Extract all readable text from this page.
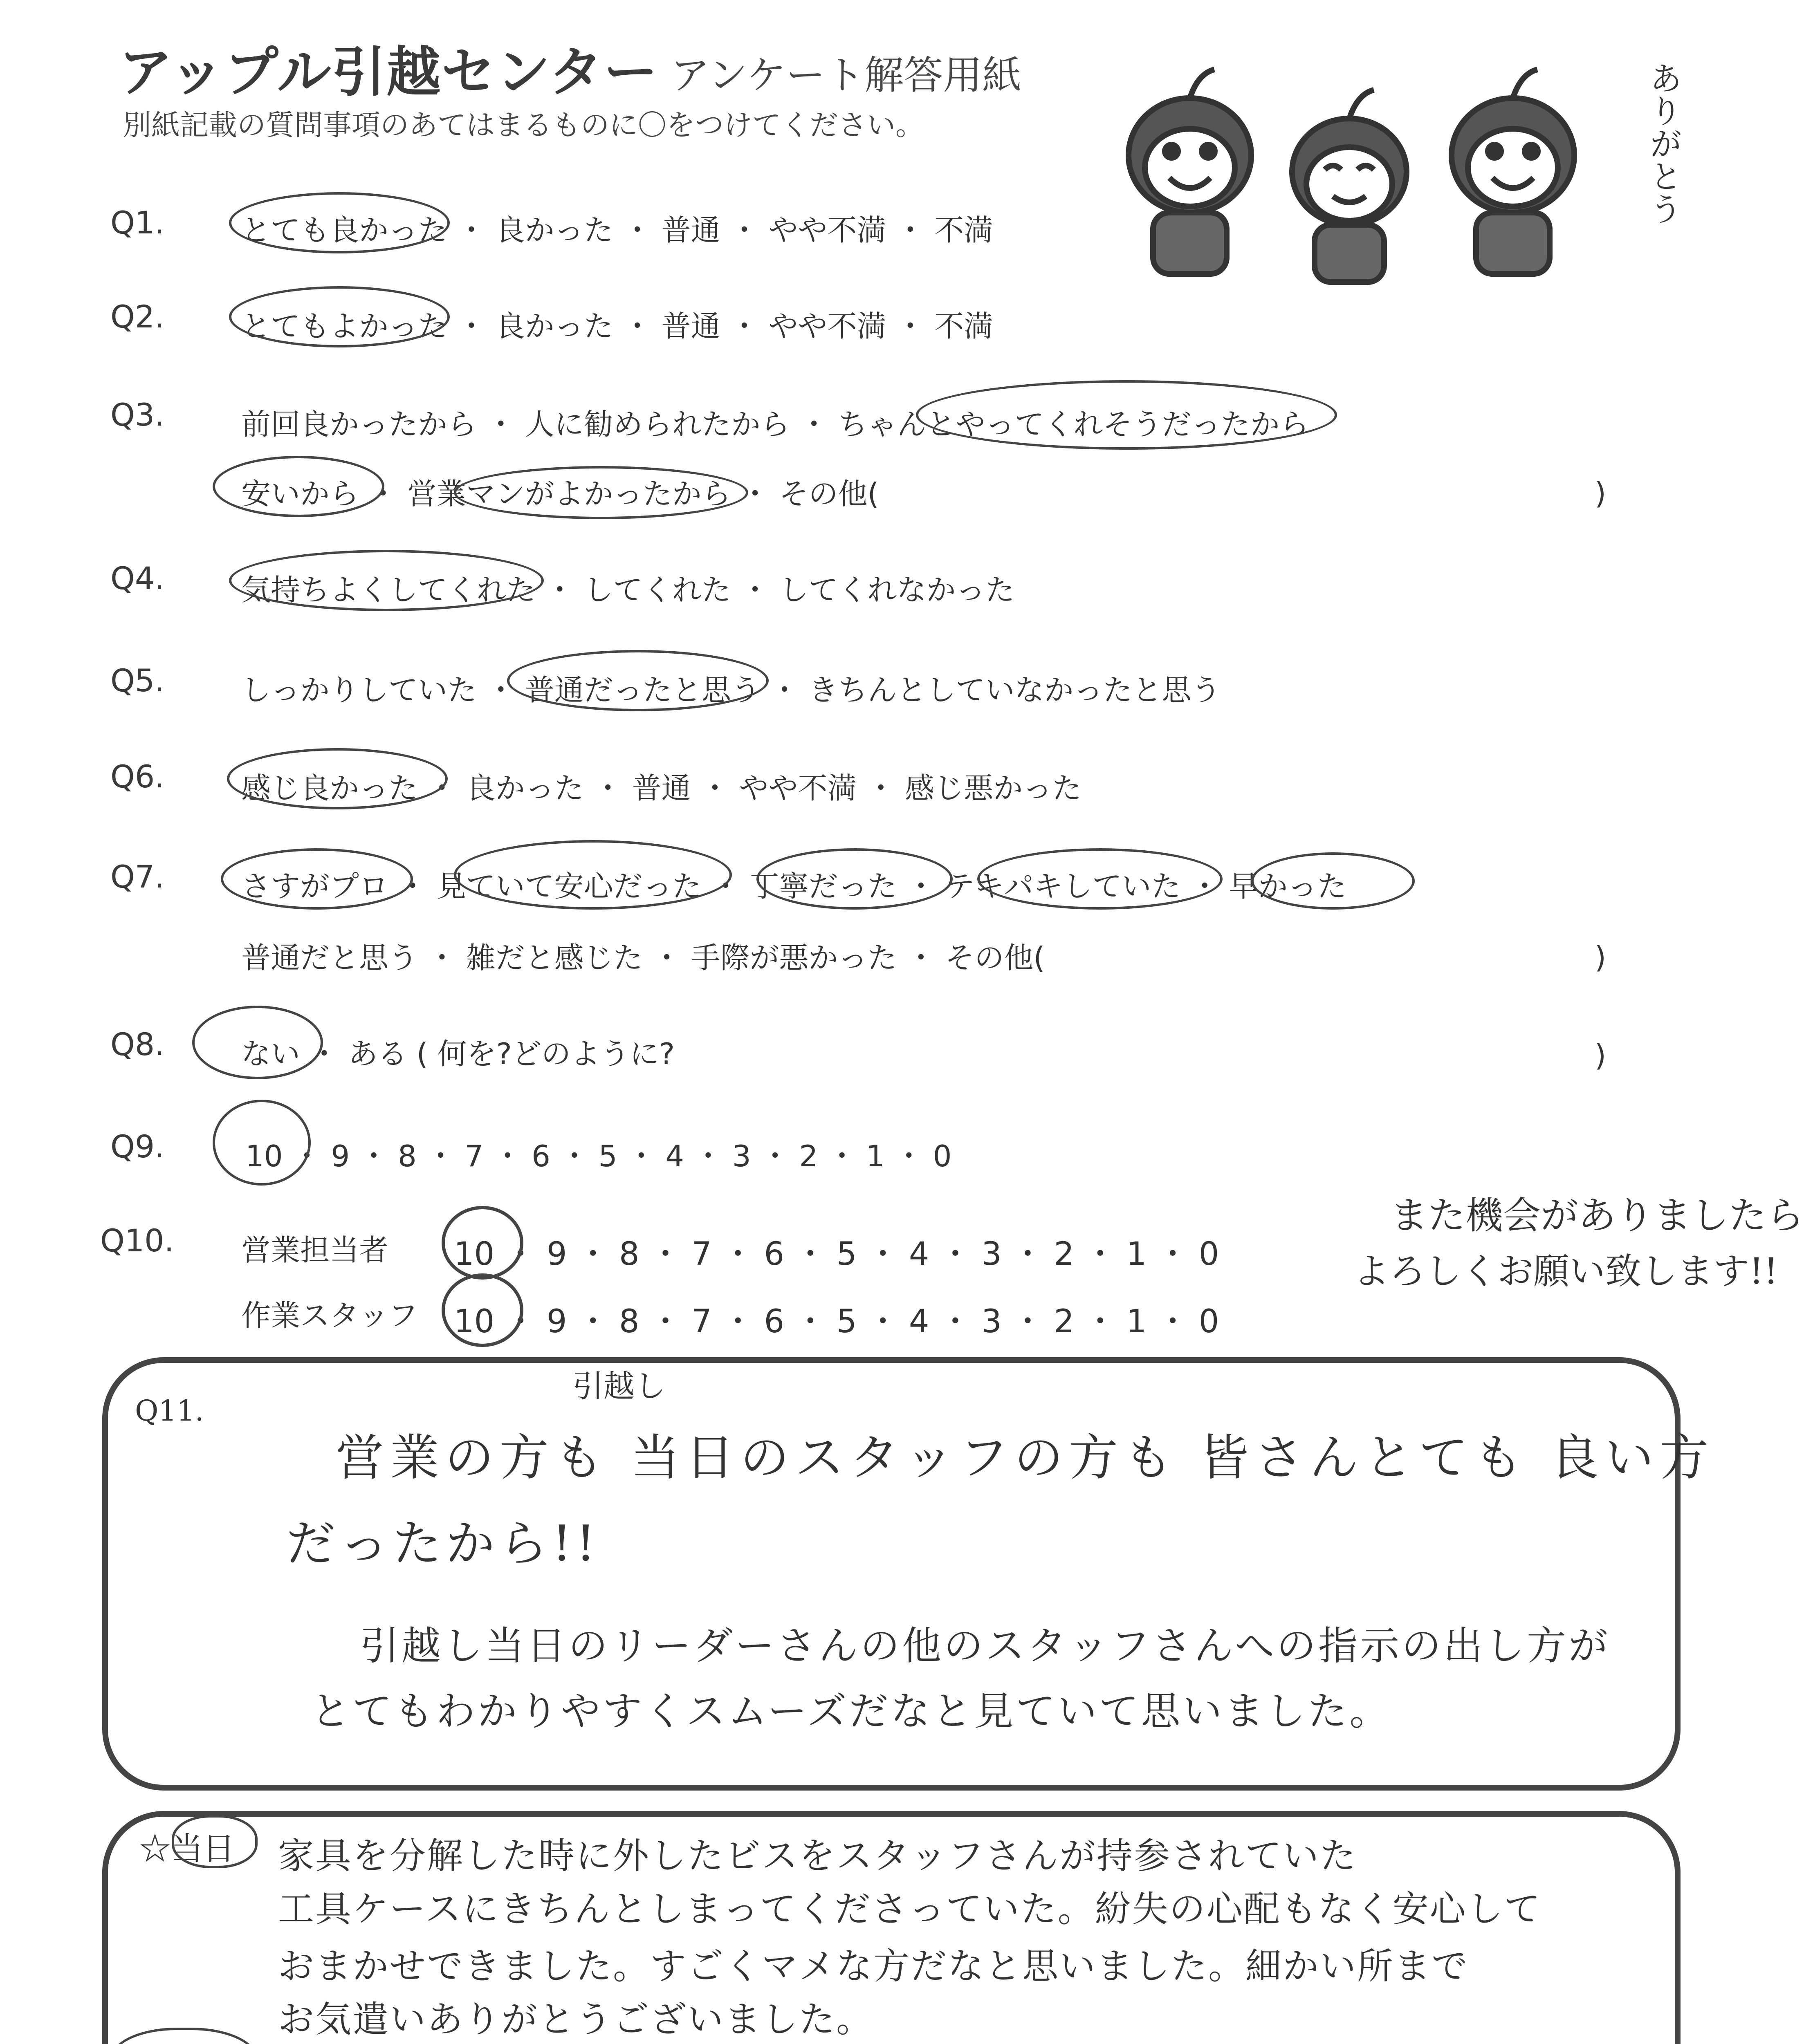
アップル引越センター アンケート解答用紙
別紙記載の質問事項のあてはまるものに〇をつけてください。	ありがとう
Q1.	とても良かった ・ 良かった ・ 普通 ・ やや不満 ・ 不満
Q2.	とてもよかった ・ 良かった ・ 普通 ・ やや不満 ・ 不満
Q3.	前回良かったから ・ 人に勧められたから ・ ちゃんとやってくれそうだったから
安いから ・ 営業マンがよかったから ・ その他(	)
Q4.	気持ちよくしてくれた ・ してくれた ・ してくれなかった
Q5.	しっかりしていた ・ 普通だったと思う ・ きちんとしていなかったと思う
Q6.	感じ良かった ・ 良かった ・ 普通 ・ やや不満 ・ 感じ悪かった
Q7.	さすがプロ ・ 見ていて安心だった ・ 丁寧だった ・ テキパキしていた ・ 早かった
普通だと思う ・ 雑だと感じた ・ 手際が悪かった ・ その他(	)
Q8.	ない ・ ある ( 何を?どのように?	)
Q9.	10 ・ 9 ・ 8 ・ 7 ・ 6 ・ 5 ・ 4 ・ 3 ・ 2 ・ 1 ・ 0
Q10. 営業担当者 10 ・ 9 ・ 8 ・ 7 ・ 6 ・ 5 ・ 4 ・ 3 ・ 2 ・ 1 ・ 0
作業スタッフ 10 ・ 9 ・ 8 ・ 7 ・ 6 ・ 5 ・ 4 ・ 3 ・ 2 ・ 1 ・ 0
また機会がありましたら
よろしくお願い致します!!
Q11.
引越し
営業の方も 当日のスタッフの方も 皆さんとても 良い方
だったから!!
引越し当日のリーダーさんの他のスタッフさんへの指示の出し方が
とてもわかりやすくスムーズだなと見ていて思いました。
☆当日 家具を分解した時に外したビスをスタッフさんが持参されていた
工具ケースにきちんとしまってくださっていた。紛失の心配もなく安心して
おまかせできました。すごくマメな方だなと思いました。細かい所まで
お気遣いありがとうございました。
